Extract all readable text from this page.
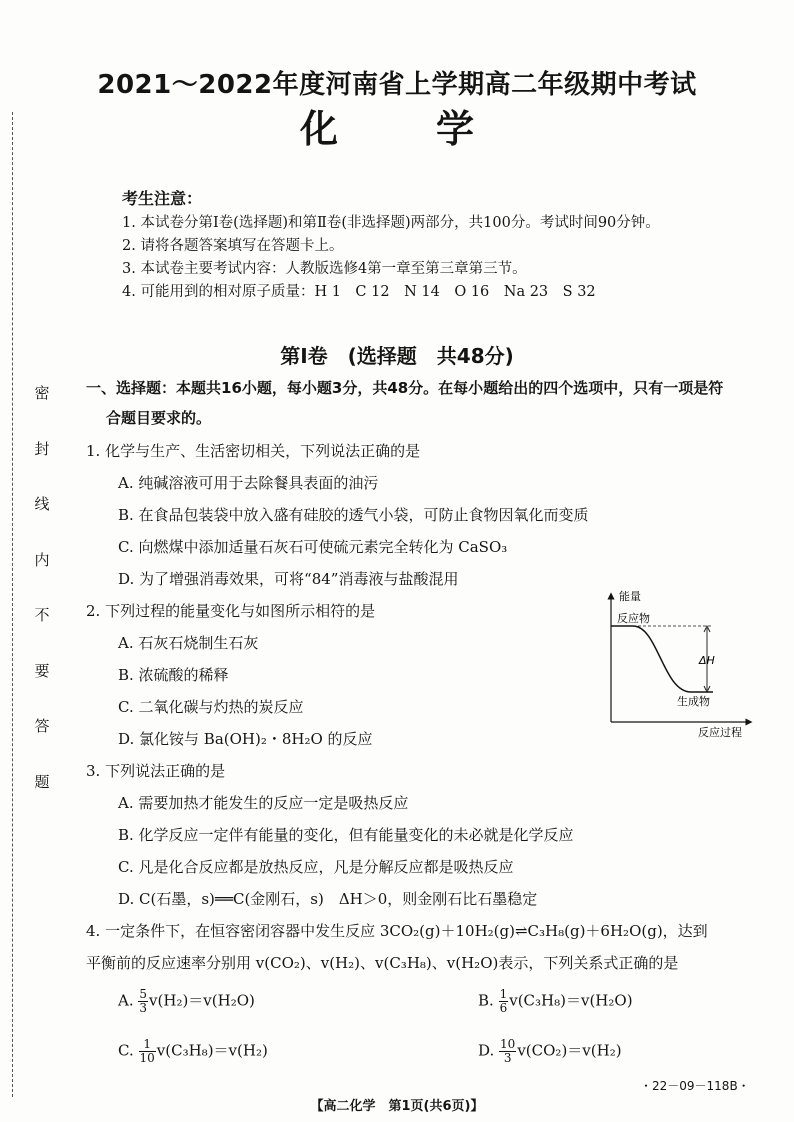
密
封
线
内
不
要
答
题
2021～2022年度河南省上学期高二年级期中考试
化　学
考生注意：
1. 本试卷分第Ⅰ卷(选择题)和第Ⅱ卷(非选择题)两部分，共100分。考试时间90分钟。
2. 请将各题答案填写在答题卡上。
3. 本试卷主要考试内容：人教版选修4第一章至第三章第三节。
4. 可能用到的相对原子质量：H 1　C 12　N 14　O 16　Na 23　S 32
第Ⅰ卷　(选择题　共48分)
一、选择题：本题共16小题，每小题3分，共48分。在每小题给出的四个选项中，只有一项是符
合题目要求的。
1. 化学与生产、生活密切相关，下列说法正确的是
A. 纯碱溶液可用于去除餐具表面的油污
B. 在食品包装袋中放入盛有硅胶的透气小袋，可防止食物因氧化而变质
C. 向燃煤中添加适量石灰石可使硫元素完全转化为 CaSO₃
D. 为了增强消毒效果，可将“84”消毒液与盐酸混用
2. 下列过程的能量变化与如图所示相符的是
A. 石灰石烧制生石灰
B. 浓硫酸的稀释
C. 二氧化碳与灼热的炭反应
D. 氯化铵与 Ba(OH)₂・8H₂O 的反应
能量
反应过程
反应物
生成物
ΔH
3. 下列说法正确的是
A. 需要加热才能发生的反应一定是吸热反应
B. 化学反应一定伴有能量的变化，但有能量变化的未必就是化学反应
C. 凡是化合反应都是放热反应，凡是分解反应都是吸热反应
D. C(石墨，s)══C(金刚石，s)　ΔH＞0，则金刚石比石墨稳定
4. 一定条件下，在恒容密闭容器中发生反应 3CO₂(g)＋10H₂(g)⇌C₃H₈(g)＋6H₂O(g)，达到
平衡前的反应速率分别用 v(CO₂)、v(H₂)、v(C₃H₈)、v(H₂O)表示，下列关系式正确的是
A. $\frac{5}{3} v(H_2)=v(H_2O)$	B. $\frac{1}{6} v(C_3H_8)=v(H_2O)$
C. $\frac{1}{10} v(C_3H_8)=v(H_2)$	D. $\frac{10}{3} v(CO_2)=v(H_2)$
・22－09－118B・
【高二化学　第1页(共6页)】
